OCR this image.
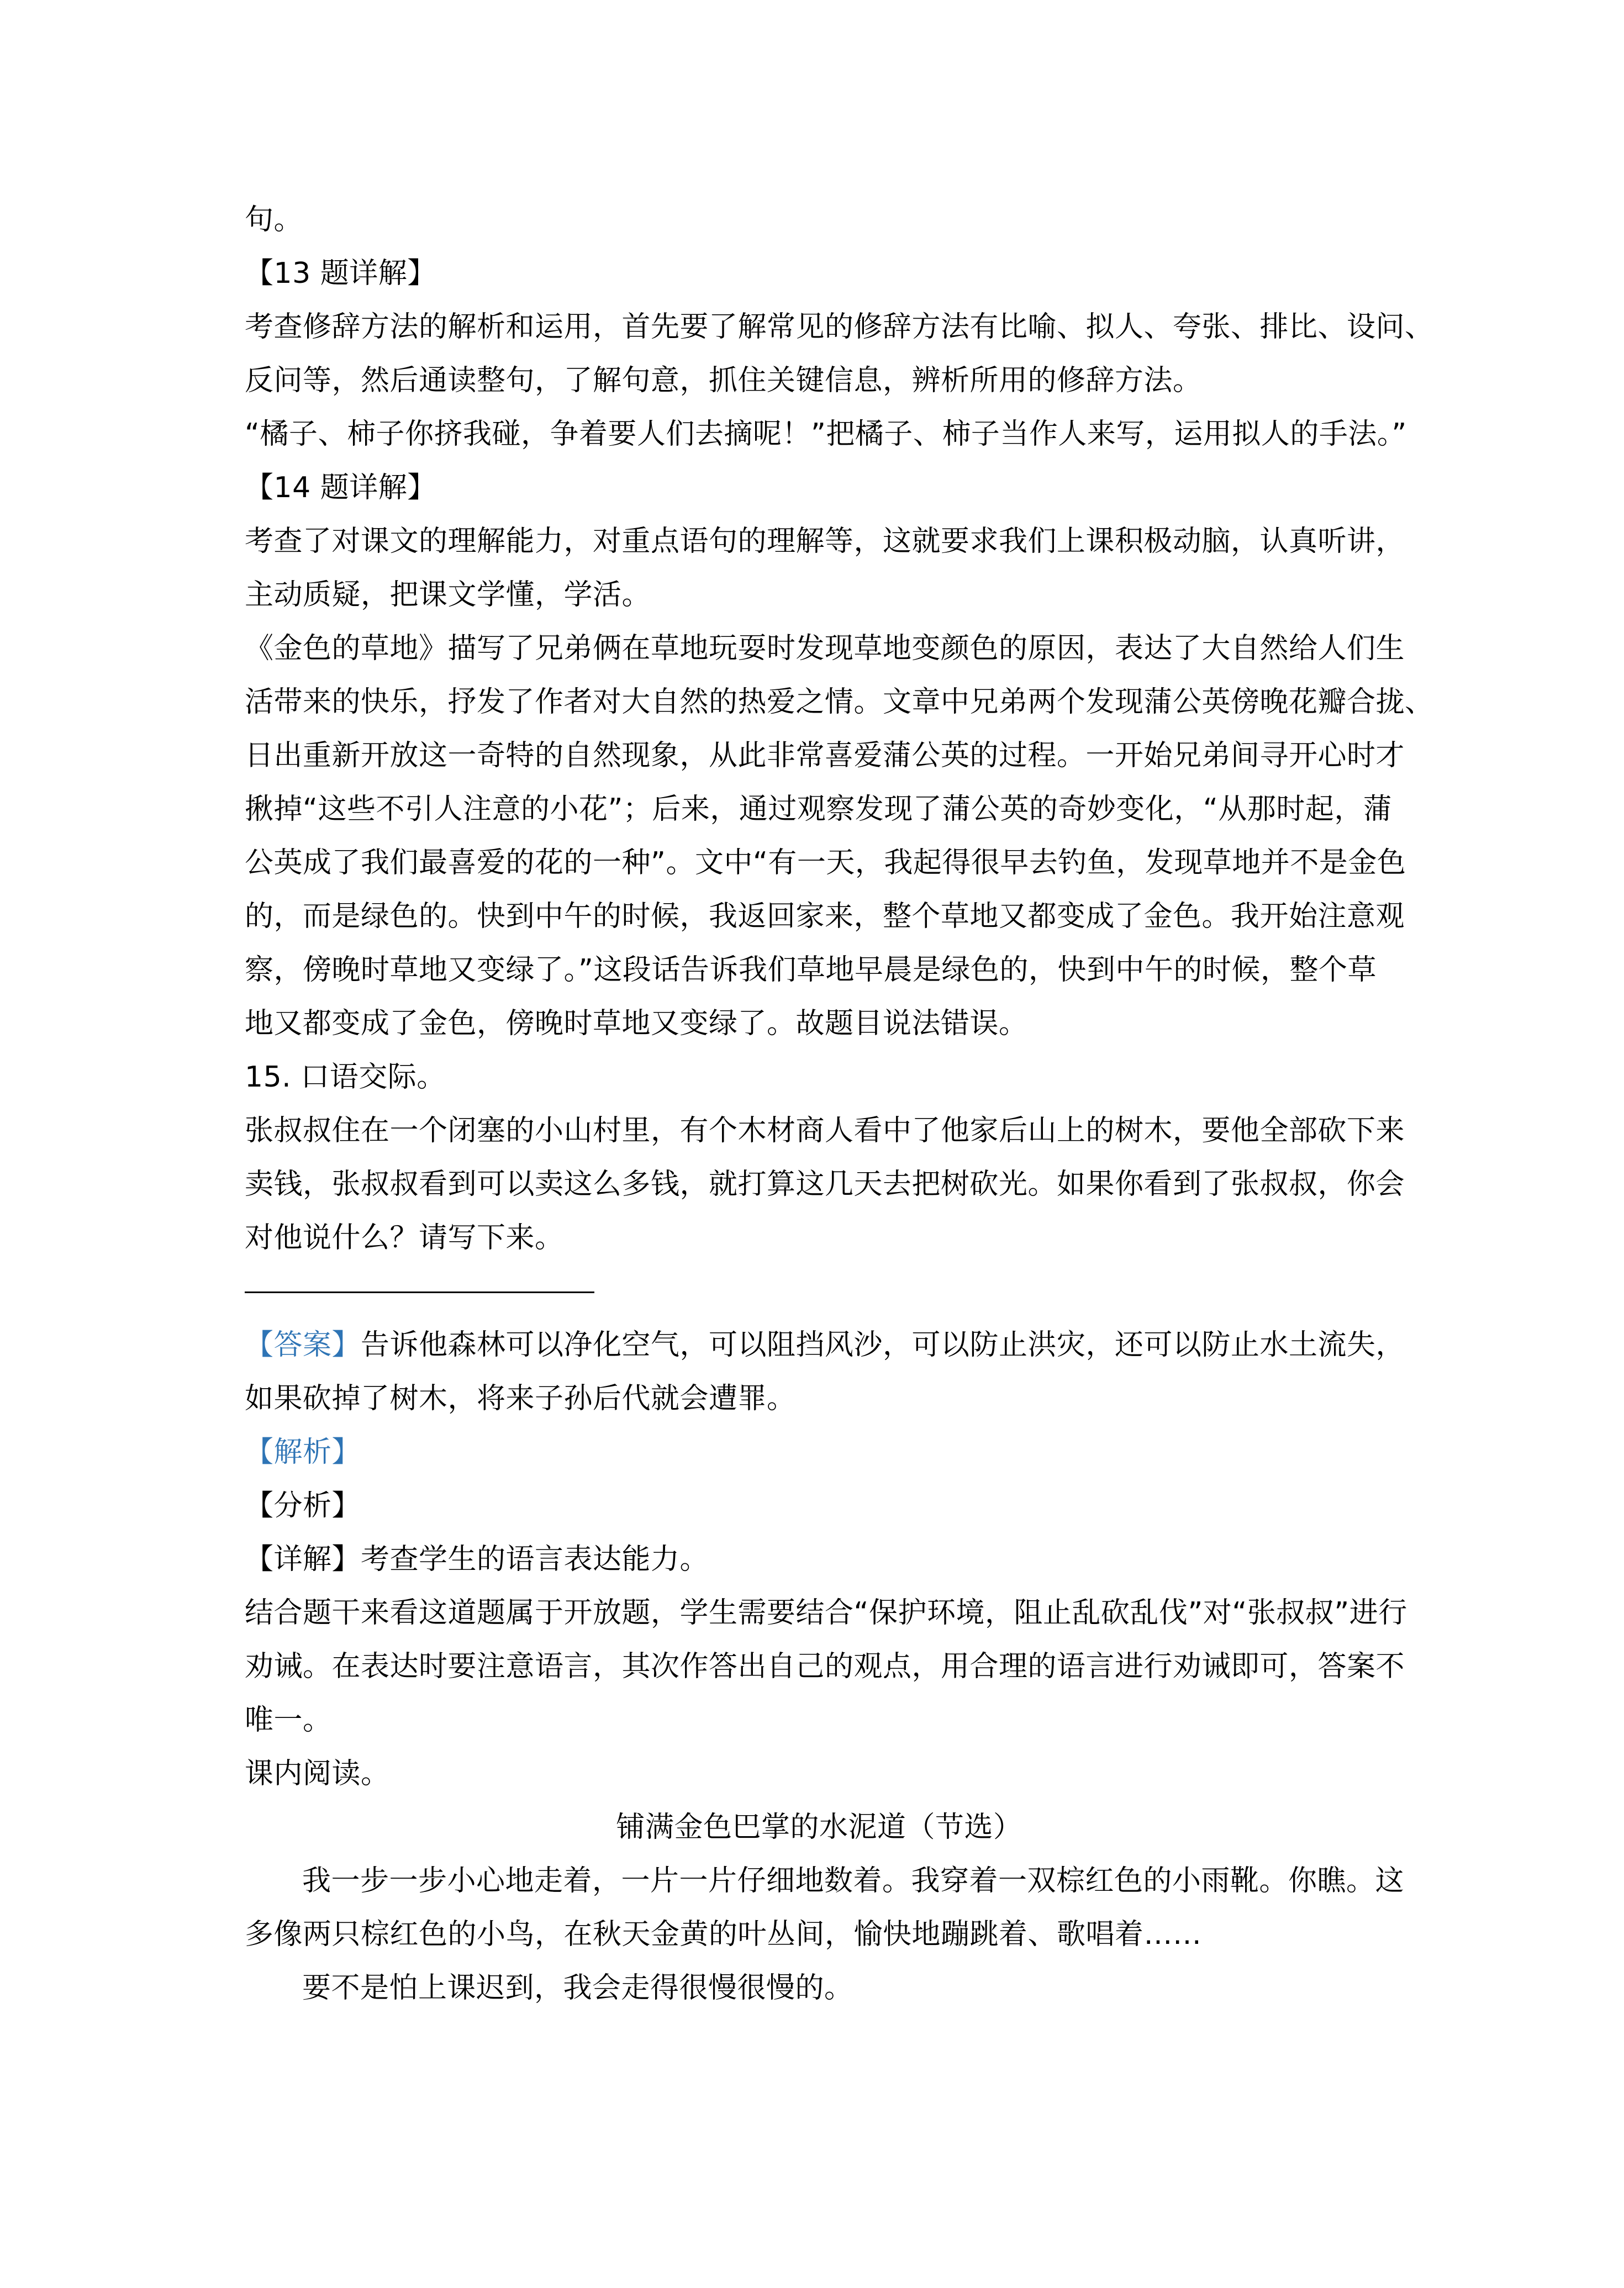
句。
【13 题详解】
考查修辞方法的解析和运用，首先要了解常见的修辞方法有比喻、拟人、夸张、排比、设问、
反问等，然后通读整句，了解句意，抓住关键信息，辨析所用的修辞方法。
“橘子、柿子你挤我碰，争着要人们去摘呢！”把橘子、柿子当作人来写，运用拟人的手法。”
【14 题详解】
考查了对课文的理解能力，对重点语句的理解等，这就要求我们上课积极动脑，认真听讲，
主动质疑，把课文学懂，学活。
《金色的草地》描写了兄弟俩在草地玩耍时发现草地变颜色的原因，表达了大自然给人们生
活带来的快乐，抒发了作者对大自然的热爱之情。文章中兄弟两个发现蒲公英傍晚花瓣合拢、
日出重新开放这一奇特的自然现象，从此非常喜爱蒲公英的过程。一开始兄弟间寻开心时才
揪掉“这些不引人注意的小花”；后来，通过观察发现了蒲公英的奇妙变化，“从那时起，蒲
公英成了我们最喜爱的花的一种”。文中“有一天，我起得很早去钓鱼，发现草地并不是金色
的，而是绿色的。快到中午的时候，我返回家来，整个草地又都变成了金色。我开始注意观
察，傍晚时草地又变绿了。”这段话告诉我们草地早晨是绿色的，快到中午的时候，整个草
地又都变成了金色，傍晚时草地又变绿了。故题目说法错误。
15. 口语交际。
张叔叔住在一个闭塞的小山村里，有个木材商人看中了他家后山上的树木，要他全部砍下来
卖钱，张叔叔看到可以卖这么多钱，就打算这几天去把树砍光。如果你看到了张叔叔，你会
对他说什么？请写下来。
【答案】告诉他森林可以净化空气，可以阻挡风沙，可以防止洪灾，还可以防止水土流失，
如果砍掉了树木，将来子孙后代就会遭罪。
【解析】
【分析】
【详解】考查学生的语言表达能力。
结合题干来看这道题属于开放题，学生需要结合“保护环境，阻止乱砍乱伐”对“张叔叔”进行
劝诫。在表达时要注意语言，其次作答出自己的观点，用合理的语言进行劝诫即可，答案不
唯一。
课内阅读。
铺满金色巴掌的水泥道（节选）
我一步一步小心地走着，一片一片仔细地数着。我穿着一双棕红色的小雨靴。你瞧。这
多像两只棕红色的小鸟，在秋天金黄的叶丛间，愉快地蹦跳着、歌唱着……
要不是怕上课迟到，我会走得很慢很慢的。
